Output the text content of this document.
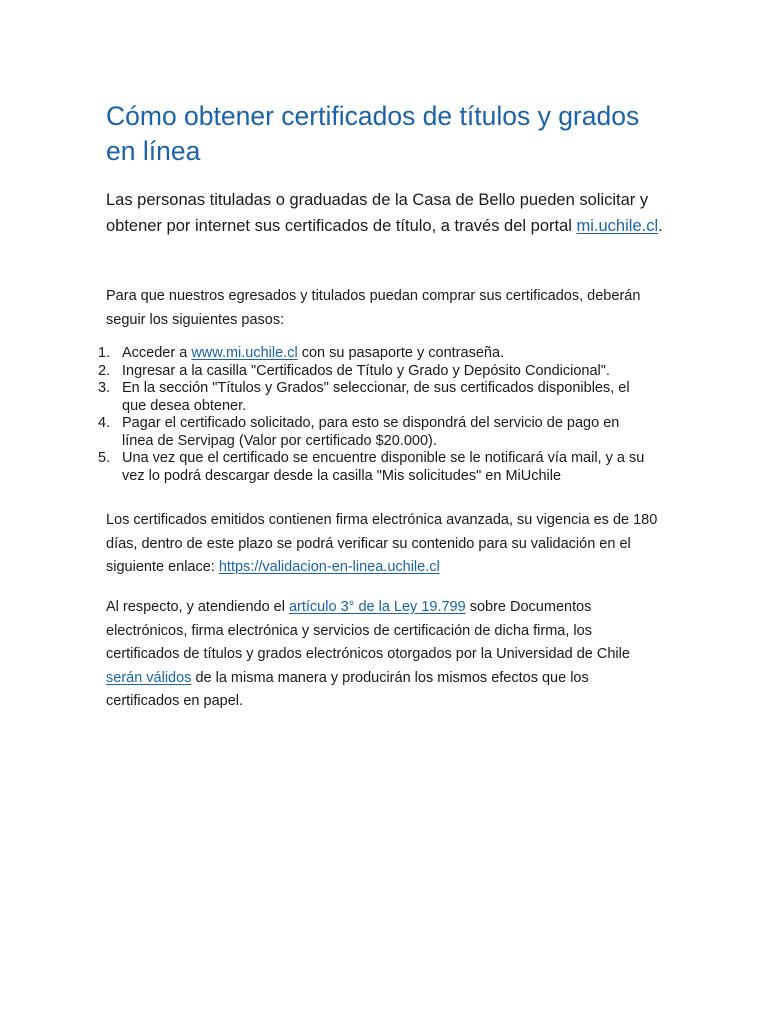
Cómo obtener certificados de títulos y grados en línea

Las personas tituladas o graduadas de la Casa de Bello pueden solicitar y obtener por internet sus certificados de título, a través del portal mi.uchile.cl.

Para que nuestros egresados y titulados puedan comprar sus certificados, deberán seguir los siguientes pasos:

1. Acceder a www.mi.uchile.cl con su pasaporte y contraseña.
2. Ingresar a la casilla "Certificados de Título y Grado y Depósito Condicional".
3. En la sección "Títulos y Grados" seleccionar, de sus certificados disponibles, el que desea obtener.
4. Pagar el certificado solicitado, para esto se dispondrá del servicio de pago en línea de Servipag (Valor por certificado $20.000).
5. Una vez que el certificado se encuentre disponible se le notificará vía mail, y a su vez lo podrá descargar desde la casilla "Mis solicitudes" en MiUchile

Los certificados emitidos contienen firma electrónica avanzada, su vigencia es de 180 días, dentro de este plazo se podrá verificar su contenido para su validación en el siguiente enlace: https://validacion-en-linea.uchile.cl

Al respecto, y atendiendo el artículo 3° de la Ley 19.799 sobre Documentos electrónicos, firma electrónica y servicios de certificación de dicha firma, los certificados de títulos y grados electrónicos otorgados por la Universidad de Chile serán válidos de la misma manera y producirán los mismos efectos que los certificados en papel.
